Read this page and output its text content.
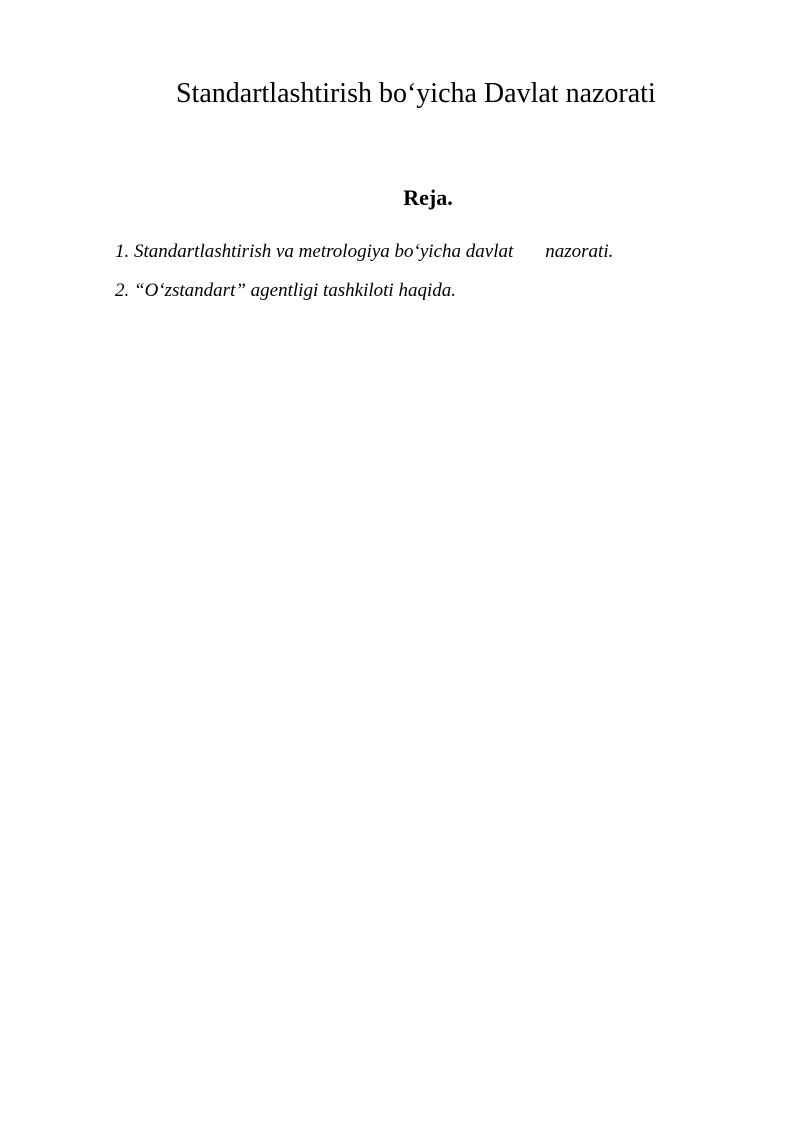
Standartlashtirish bo‘yicha Davlat nazorati
Reja.
1. Standartlashtirish va metrologiya bo‘yicha davlat nazorati.
2. “O‘zstandart” agentligi tashkiloti haqida.
